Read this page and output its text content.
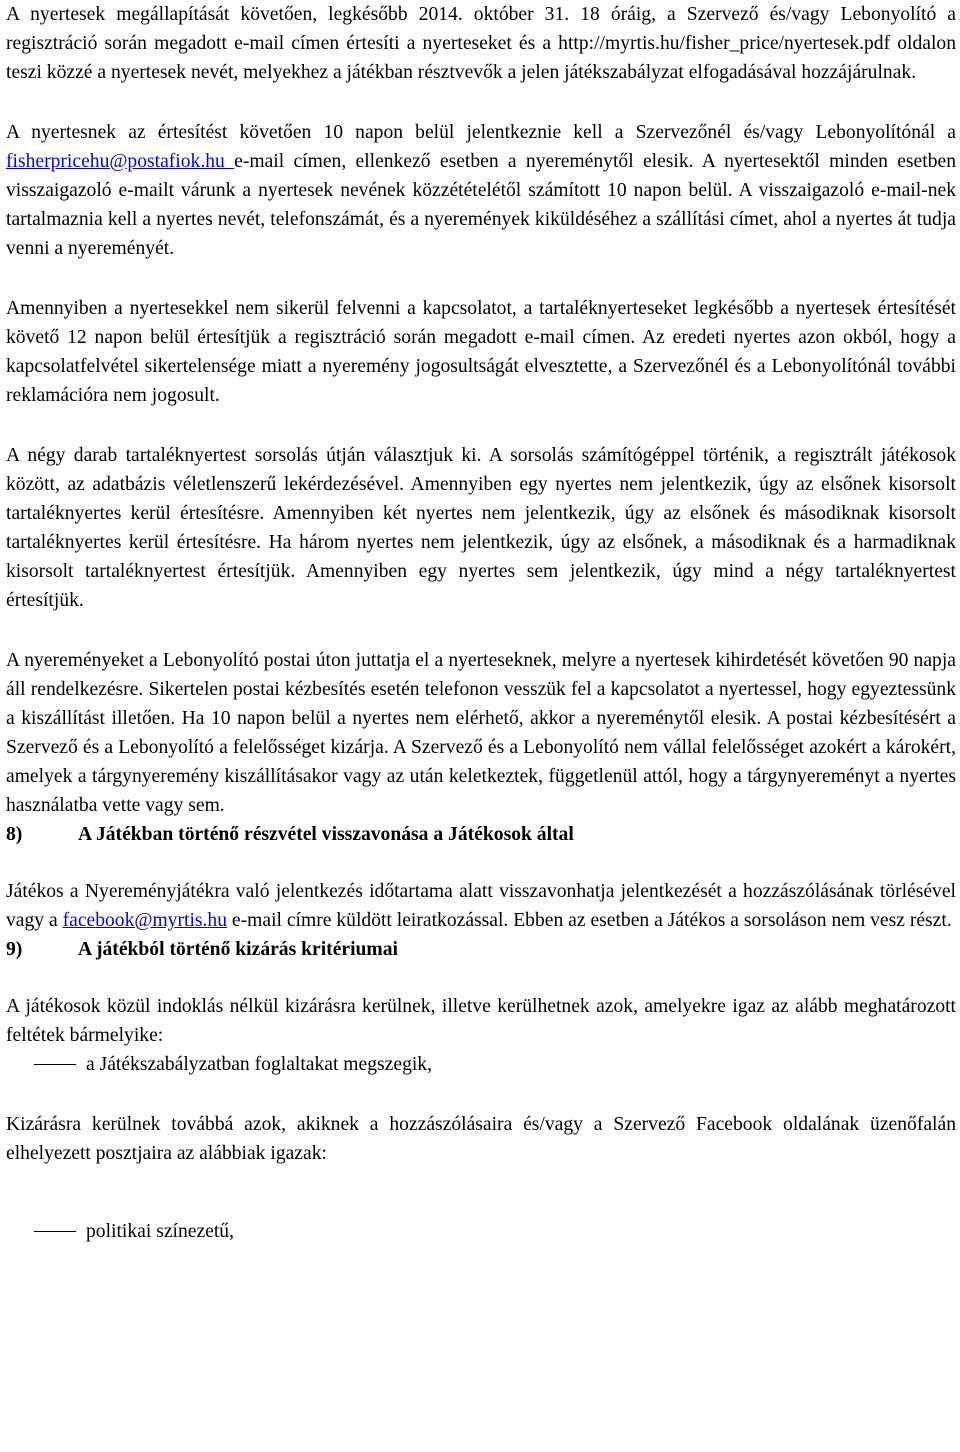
A nyertesek megállapítását követően, legkésőbb 2014. október 31. 18 óráig, a Szervező és/vagy Lebonyolító a regisztráció során megadott e-mail címen értesíti a nyerteseket és a http://myrtis.hu/fisher_price/nyertesek.pdf oldalon teszi közzé a nyertesek nevét, melyekhez a játékban résztvevők a jelen játékszabályzat elfogadásával hozzájárulnak.

A nyertesnek az értesítést követően 10 napon belül jelentkeznie kell a Szervezőnél és/vagy Lebonyolítónál a fisherpricehu@postafiok.hu e-mail címen, ellenkező esetben a nyereménytől elesik. A nyertesektől minden esetben visszaigazoló e-mailt várunk a nyertesek nevének közzétételétől számított 10 napon belül. A visszaigazoló e-mail-nek tartalmaznia kell a nyertes nevét, telefonszámát, és a nyeremények kiküldéséhez a szállítási címet, ahol a nyertes át tudja venni a nyereményét.

Amennyiben a nyertesekkel nem sikerül felvenni a kapcsolatot, a tartaléknyerteseket legkésőbb a nyertesek értesítését követő 12 napon belül értesítjük a regisztráció során megadott e-mail címen. Az eredeti nyertes azon okból, hogy a kapcsolatfelvétel sikertelensége miatt a nyeremény jogosultságát elvesztette, a Szervezőnél és a Lebonyolítónál további reklamációra nem jogosult.

A négy darab tartaléknyertest sorsolás útján választjuk ki. A sorsolás számítógéppel történik, a regisztrált játékosok között, az adatbázis véletlenszerű lekérdezésével. Amennyiben egy nyertes nem jelentkezik, úgy az elsőnek kisorsolt tartaléknyertes kerül értesítésre. Amennyiben két nyertes nem jelentkezik, úgy az elsőnek és másodiknak kisorsolt tartaléknyertes kerül értesítésre. Ha három nyertes nem jelentkezik, úgy az elsőnek, a másodiknak és a harmadiknak kisorsolt tartaléknyertest értesítjük. Amennyiben egy nyertes sem jelentkezik, úgy mind a négy tartaléknyertest értesítjük.

A nyereményeket a Lebonyolító postai úton juttatja el a nyerteseknek, melyre a nyertesek kihirdetését követően 90 napja áll rendelkezésre. Sikertelen postai kézbesítés esetén telefonon vesszük fel a kapcsolatot a nyertessel, hogy egyeztessünk a kiszállítást illetően. Ha 10 napon belül a nyertes nem elérhető, akkor a nyereménytől elesik. A postai kézbesítésért a Szervező és a Lebonyolító a felelősséget kizárja. A Szervező és a Lebonyolító nem vállal felelősséget azokért a károkért, amelyek a tárgynyeremény kiszállításakor vagy az után keletkeztek, függetlenül attól, hogy a tárgynyereményt a nyertes használatba vette vagy sem.

8)	A Játékban történő részvétel visszavonása a Játékosok által

Játékos a Nyereményjátékra való jelentkezés időtartama alatt visszavonhatja jelentkezését a hozzászólásának törlésével vagy a facebook@myrtis.hu e-mail címre küldött leiratkozással. Ebben az esetben a Játékos a sorsoláson nem vesz részt.

9)	A játékból történő kizárás kritériumai

A játékosok közül indoklás nélkül kizárásra kerülnek, illetve kerülhetnek azok, amelyekre igaz az alább meghatározott feltétek bármelyike:

a Játékszabályzatban foglaltakat megszegik,

Kizárásra kerülnek továbbá azok, akiknek a hozzászólásaira és/vagy a Szervező Facebook oldalának üzenőfalán elhelyezett posztjaira az alábbiak igazak:

politikai színezetű,
